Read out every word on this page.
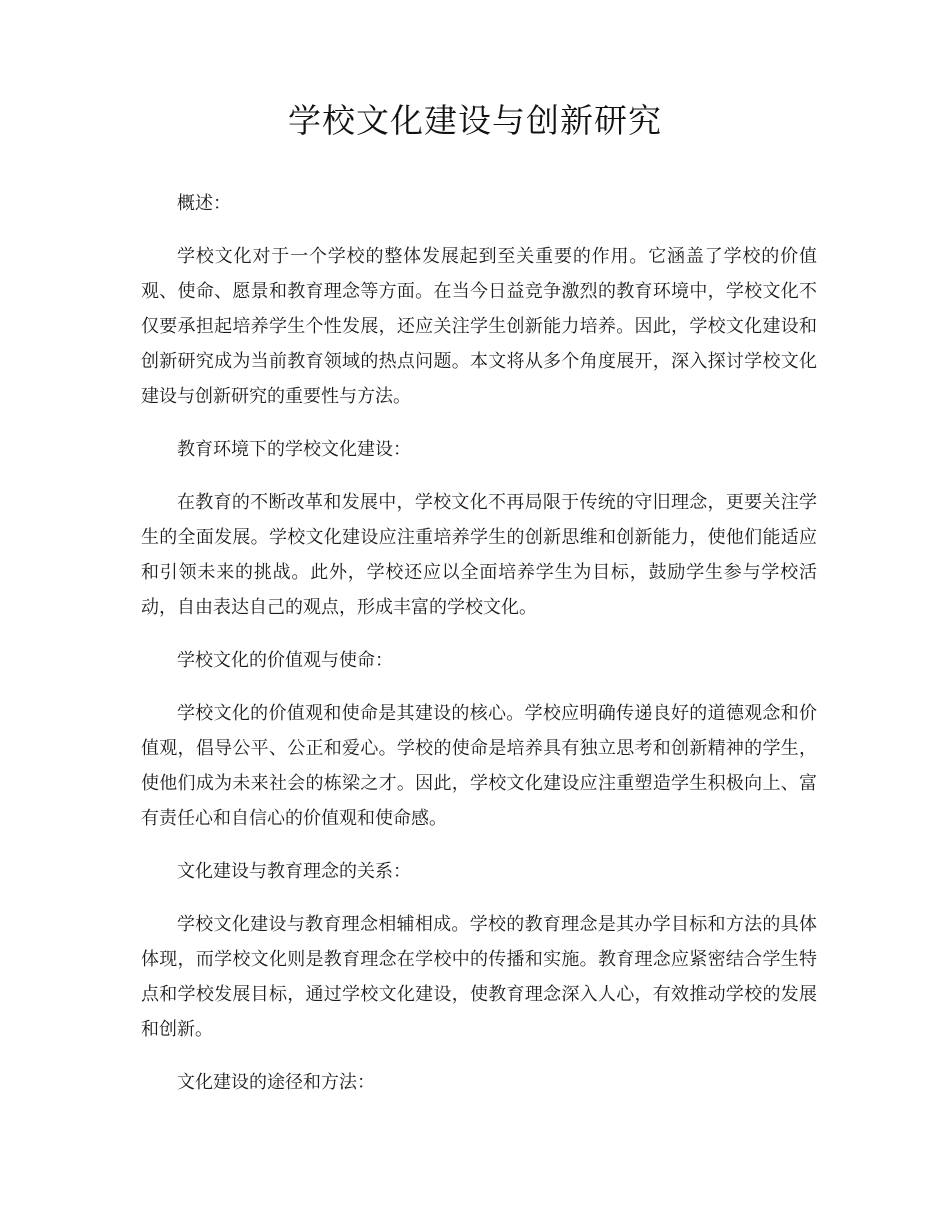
学校文化建设与创新研究

概述：

学校文化对于一个学校的整体发展起到至关重要的作用。它涵盖了学校的价值观、使命、愿景和教育理念等方面。在当今日益竞争激烈的教育环境中，学校文化不仅要承担起培养学生个性发展，还应关注学生创新能力培养。因此，学校文化建设和创新研究成为当前教育领域的热点问题。本文将从多个角度展开，深入探讨学校文化建设与创新研究的重要性与方法。

教育环境下的学校文化建设：

在教育的不断改革和发展中，学校文化不再局限于传统的守旧理念，更要关注学生的全面发展。学校文化建设应注重培养学生的创新思维和创新能力，使他们能适应和引领未来的挑战。此外，学校还应以全面培养学生为目标，鼓励学生参与学校活动，自由表达自己的观点，形成丰富的学校文化。

学校文化的价值观与使命：

学校文化的价值观和使命是其建设的核心。学校应明确传递良好的道德观念和价值观，倡导公平、公正和爱心。学校的使命是培养具有独立思考和创新精神的学生，使他们成为未来社会的栋梁之才。因此，学校文化建设应注重塑造学生积极向上、富有责任心和自信心的价值观和使命感。

文化建设与教育理念的关系：

学校文化建设与教育理念相辅相成。学校的教育理念是其办学目标和方法的具体体现，而学校文化则是教育理念在学校中的传播和实施。教育理念应紧密结合学生特点和学校发展目标，通过学校文化建设，使教育理念深入人心，有效推动学校的发展和创新。

文化建设的途径和方法：
